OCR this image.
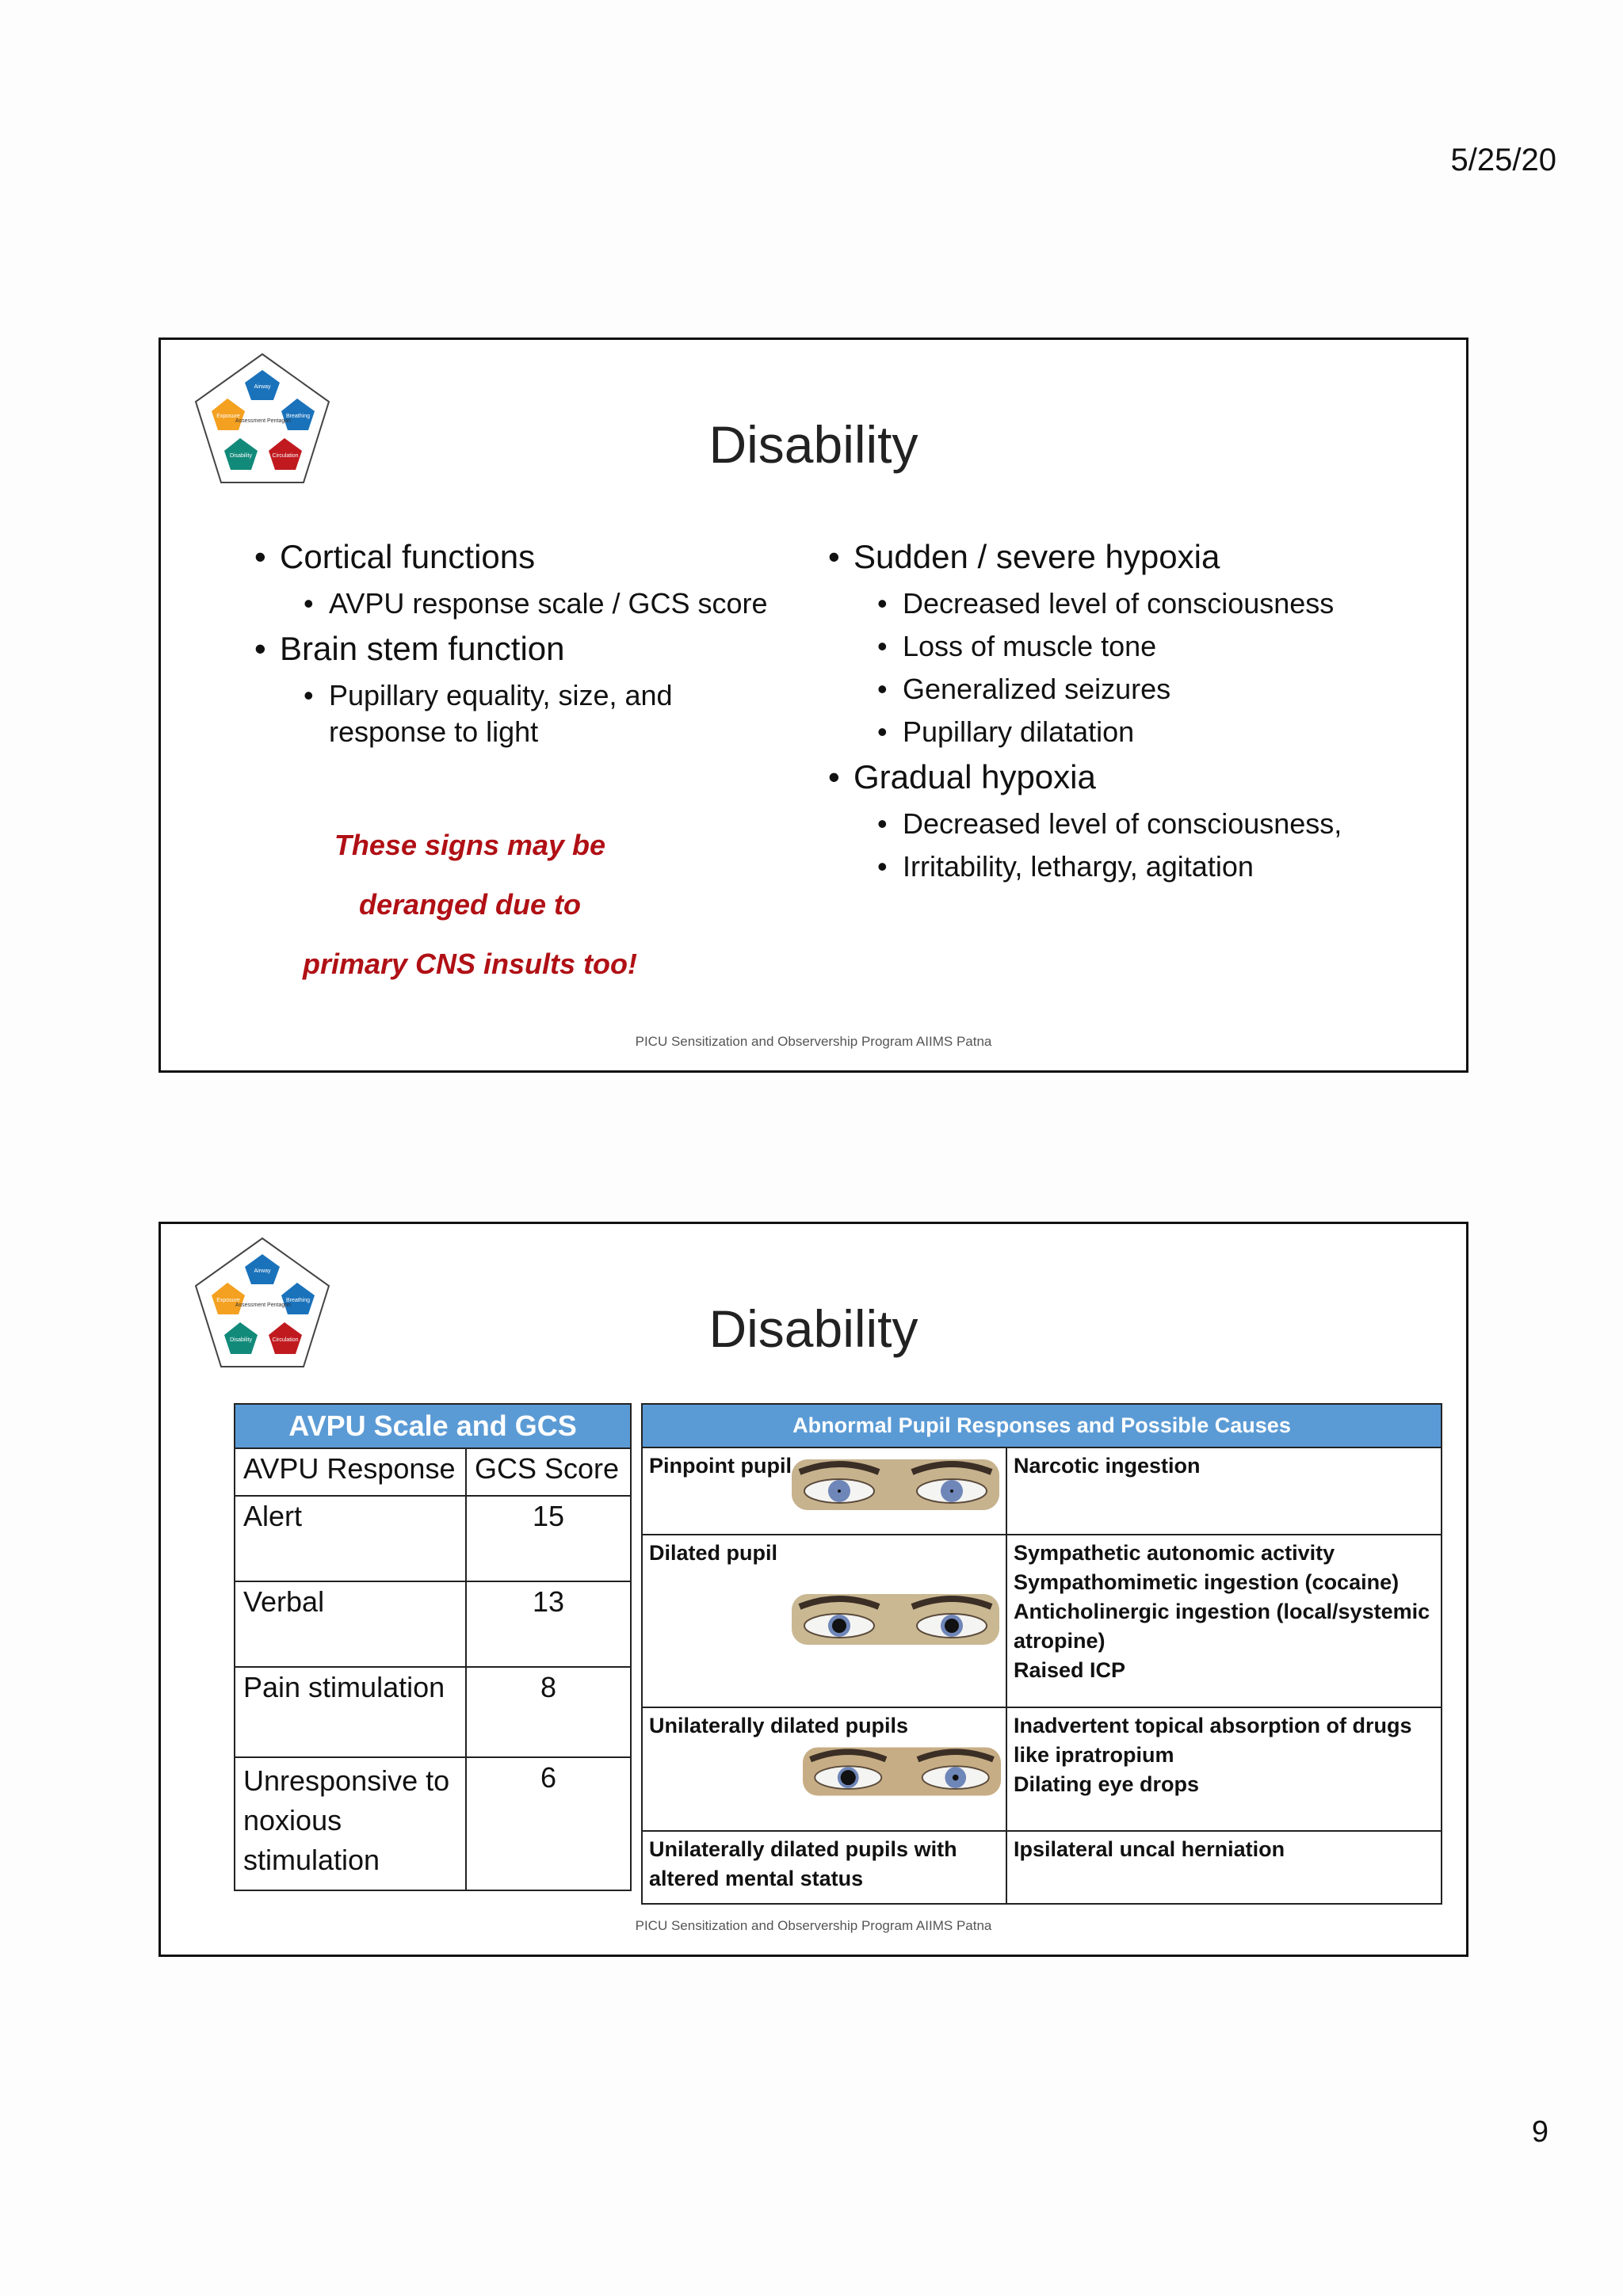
5/25/20
Airway
Breathing
Circulation
Disability
Exposure
Assessment Pentagon	Disability
• Cortical functions
• AVPU response scale / GCS score
• Brain stem function
• Pupillary equality, size, and response to light
These signs may be
deranged due to
primary CNS insults too!
• Sudden / severe hypoxia
• Decreased level of consciousness
• Loss of muscle tone
• Generalized seizures
• Pupillary dilatation
• Gradual hypoxia
• Decreased level of consciousness,
• Irritability, lethargy, agitation
PICU Sensitization and Observership Program AIIMS Patna
Airway
Breathing
Circulation
Disability
Exposure
Assessment Pentagon	Disability
AVPU Scale and GCS	
AVPU Response	GCS Score
Alert	15
Verbal	13
Pain stimulation	8
Unresponsive to noxious stimulation	6
Abnormal Pupil Responses and Possible Causes	
Pinpoint pupil	Narcotic ingestion

Dilated pupil	Sympathetic autonomic activity
Sympathomimetic ingestion (cocaine)
Anticholinergic ingestion (local/systemic atropine)
Raised ICP

Unilaterally dilated pupils	Inadvertent topical absorption of drugs like ipratropium
Dilating eye drops

Unilaterally dilated pupils with altered mental status	Ipsilateral uncal herniation
PICU Sensitization and Observership Program AIIMS Patna
9
